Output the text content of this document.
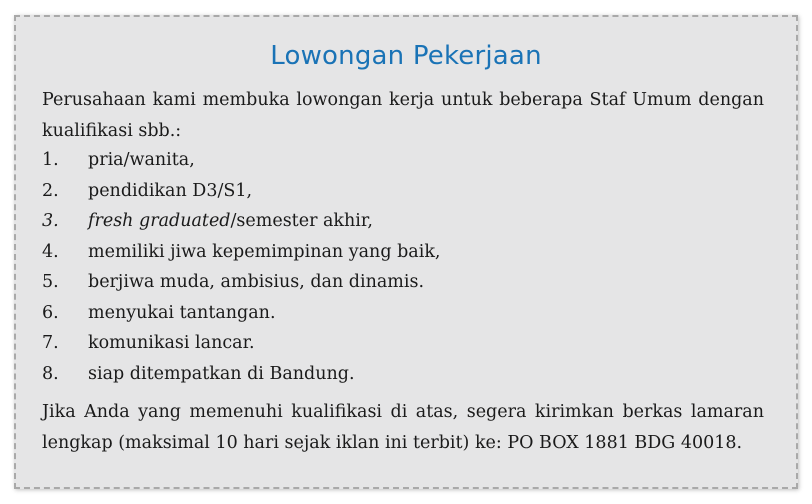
Lowongan Pekerjaan
Perusahaan kami membuka lowongan kerja untuk beberapa Staf Umum dengan kualifikasi sbb.:
1.	pria/wanita,
2.	pendidikan D3/S1,
3.	fresh graduated/semester akhir,
4.	memiliki jiwa kepemimpinan yang baik,
5.	berjiwa muda, ambisius, dan dinamis.
6.	menyukai tantangan.
7.	komunikasi lancar.
8.	siap ditempatkan di Bandung.
Jika Anda yang memenuhi kualifikasi di atas, segera kirimkan berkas lamaran lengkap (maksimal 10 hari sejak iklan ini terbit) ke: PO BOX 1881 BDG 40018.
